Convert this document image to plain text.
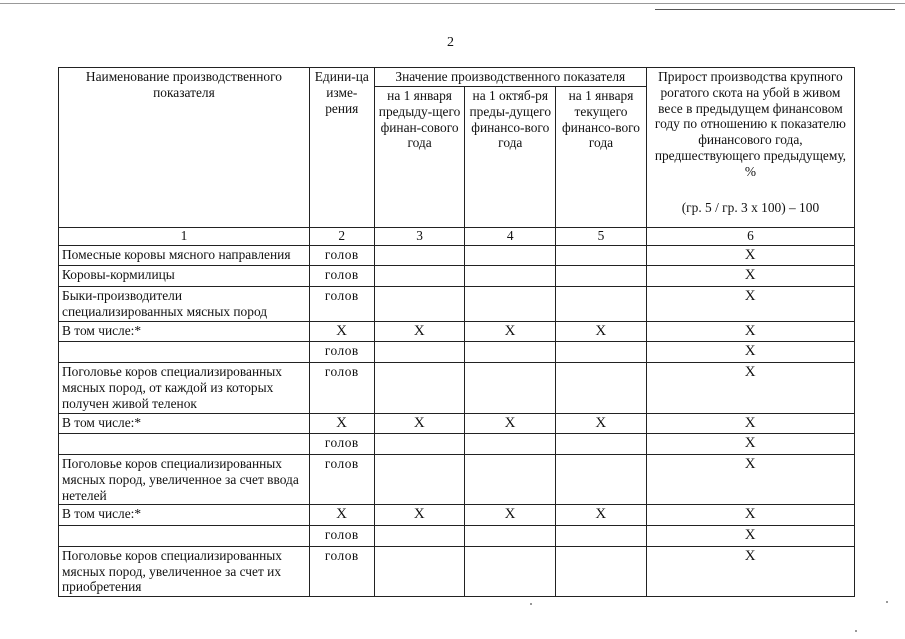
2
Наименование производственного показателя	Едини-ца изме-рения	Значение производственного показателя			Прирост производства крупного рогатого скота на убой в живом весе в предыдущем финансовом году по отношению к показателю финансового года, предшествующего предыдущему, %
(гр. 5 / гр. 3 х 100) – 100

		на 1 января предыду-щего финан-сового года	на 1 октяб-ря преды-дущего финансо-вого года	на 1 января текущего финансо-вого года	
1	2	3	4	5	6
Помесные коровы мясного направления	голов				Х
Коровы-кормилицы	голов				Х
Быки-производители специализированных мясных пород	голов				Х
В том числе:*	Х	Х	Х	Х	Х
	голов				Х
Поголовье коров специализированных мясных пород, от каждой из которых получен живой теленок	голов				Х
В том числе:*	Х	Х	Х	Х	Х
	голов				Х
Поголовье коров специализированных мясных пород, увеличенное за счет ввода нетелей	голов				Х
В том числе:*	Х	Х	Х	Х	Х
	голов				Х
Поголовье коров специализированных мясных пород, увеличенное за счет их приобретения	голов				Х
